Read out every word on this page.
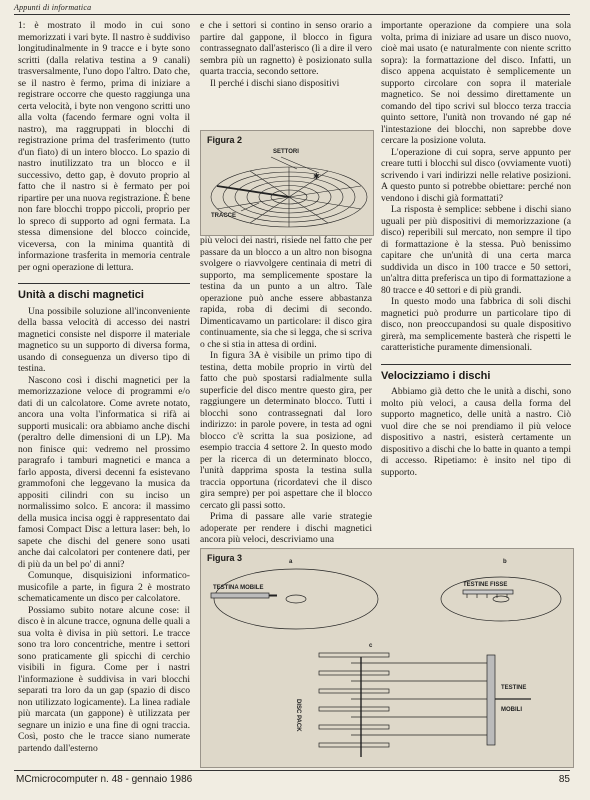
Appunti di informatica

1: è mostrato il modo in cui sono memorizzati i vari byte. Il nastro è suddiviso longitudinalmente in 9 tracce e i byte sono scritti (dalla relativa testina a 9 canali) trasversalmente, l'uno dopo l'altro. Dato che, se il nastro è fermo, prima di iniziare a registrare occorre che questo raggiunga una certa velocità, i byte non vengono scritti uno alla volta (facendo fermare ogni volta il nastro), ma raggruppati in blocchi di registrazione prima del trasferimento (tutto d'un fiato) di un intero blocco. Lo spazio di nastro inutilizzato tra un blocco e il successivo, detto gap, è dovuto proprio al fatto che il nastro si è fermato per poi ripartire per una nuova registrazione. È bene non fare blocchi troppo piccoli, proprio per lo spreco di supporto ad ogni fermata. La stessa dimensione del blocco coincide, viceversa, con la minima quantità di informazione trasferita in memoria centrale per ogni operazione di lettura.

Unità a dischi magnetici

Una possibile soluzione all'inconveniente della bassa velocità di accesso dei nastri magnetici consiste nel disporre il materiale magnetico su un supporto di diversa forma, usando di conseguenza un diverso tipo di testina.

Nascono così i dischi magnetici per la memorizzazione veloce di programmi e/o dati di un calcolatore. Come avrete notato, ancora una volta l'informatica si rifà ai supporti musicali: ora abbiamo anche dischi (peraltro delle dimensioni di un LP). Ma non finisce qui: vedremo nel prossimo paragrafo i tamburi magnetici e manca a farlo apposta, diversi decenni fa esistevano grammofoni che leggevano la musica da appositi cilindri con su inciso un normalissimo solco. E ancora: il massimo della musica incisa oggi è rappresentato dai famosi Compact Disc a lettura laser: beh, lo sapete che dischi del genere sono usati anche dai calcolatori per contenere dati, per di più da un bel po' di anni?

Comunque, disquisizioni informatico-musicofile a parte, in figura 2 è mostrato schematicamente un disco per calcolatore.

Possiamo subito notare alcune cose: il disco è in alcune tracce, ognuna delle quali a sua volta è divisa in più settori. Le tracce sono tra loro concentriche, mentre i settori sono praticamente gli spicchi di cerchio visibili in figura. Come per i nastri l'informazione è suddivisa in vari blocchi separati tra loro da un gap (spazio di disco non utilizzato logicamente). La linea radiale più marcata (un gappone) è utilizzata per segnare un inizio e una fine di ogni traccia. Così, posto che le tracce siano numerate partendo dall'esterno

e che i settori si contino in senso orario a partire dal gappone, il blocco in figura contrassegnato dall'asterisco (lì a dire il vero sembra più un ragnetto) è posizionato sulla quarta traccia, secondo settore.

Il perché i dischi siano dispositivi

Figura 2
SETTORI
TRACCE
✱

più veloci dei nastri, risiede nel fatto che per passare da un blocco a un altro non bisogna svolgere o riavvolgere centinaia di metri di supporto, ma semplicemente spostare la testina da un punto a un altro. Tale operazione può anche essere abbastanza rapida, roba di decimi di secondo. Dimenticavamo un particolare: il disco gira continuamente, sia che si legga, che si scriva o che si stia in attesa di ordini.

In figura 3A è visibile un primo tipo di testina, detta mobile proprio in virtù del fatto che può spostarsi radialmente sulla superficie del disco mentre questo gira, per raggiungere un determinato blocco. Tutti i blocchi sono contrassegnati dal loro indirizzo: in parole povere, in testa ad ogni blocco c'è scritta la sua posizione, ad esempio traccia 4 settore 2. In questo modo per la ricerca di un determinato blocco, l'unità dapprima sposta la testina sulla traccia opportuna (ricordatevi che il disco gira sempre) per poi aspettare che il blocco cercato gli passi sotto.

Prima di passare alle varie strategie adoperate per rendere i dischi magnetici ancora più veloci, descriviamo una

importante operazione da compiere una sola volta, prima di iniziare ad usare un disco nuovo, cioè mai usato (e naturalmente con niente scritto sopra): la formattazione del disco. Infatti, un disco appena acquistato è semplicemente un supporto circolare con sopra il materiale magnetico. Se noi dessimo direttamente un comando del tipo scrivi sul blocco terza traccia quinto settore, l'unità non trovando né gap né l'intestazione dei blocchi, non saprebbe dove cercare la posizione voluta.

L'operazione di cui sopra, serve appunto per creare tutti i blocchi sul disco (ovviamente vuoti) scrivendo i vari indirizzi nelle relative posizioni. A questo punto si potrebbe obiettare: perché non vendono i dischi già formattati?

La risposta è semplice: sebbene i dischi siano uguali per più dispositivi di memorizzazione (a disco) reperibili sul mercato, non sempre il tipo di formattazione è la stessa. Può benissimo capitare che un'unità di una certa marca suddivida un disco in 100 tracce e 50 settori, un'altra ditta preferisca un tipo di formattazione a 80 tracce e 40 settori e di più grandi.

In questo modo una fabbrica di soli dischi magnetici può produrre un particolare tipo di disco, non preoccupandosi su quale dispositivo girerà, ma semplicemente basterà che rispetti le caratteristiche puramente dimensionali.

Velocizziamo i dischi

Abbiamo già detto che le unità a dischi, sono molto più veloci, a causa della forma del supporto magnetico, delle unità a nastro. Ciò vuol dire che se noi prendiamo il più veloce dispositivo a nastri, esisterà certamente un dispositivo a dischi che lo batte in quanto a tempi di accesso. Ripetiamo: è insito nel tipo di supporto.

Figura 3	a	b
c
TESTINA MOBILE	TESTINE FISSE
DISC PACK
TESTINE
MOBILI
MCmicrocomputer n. 48 - gennaio 1986	85
